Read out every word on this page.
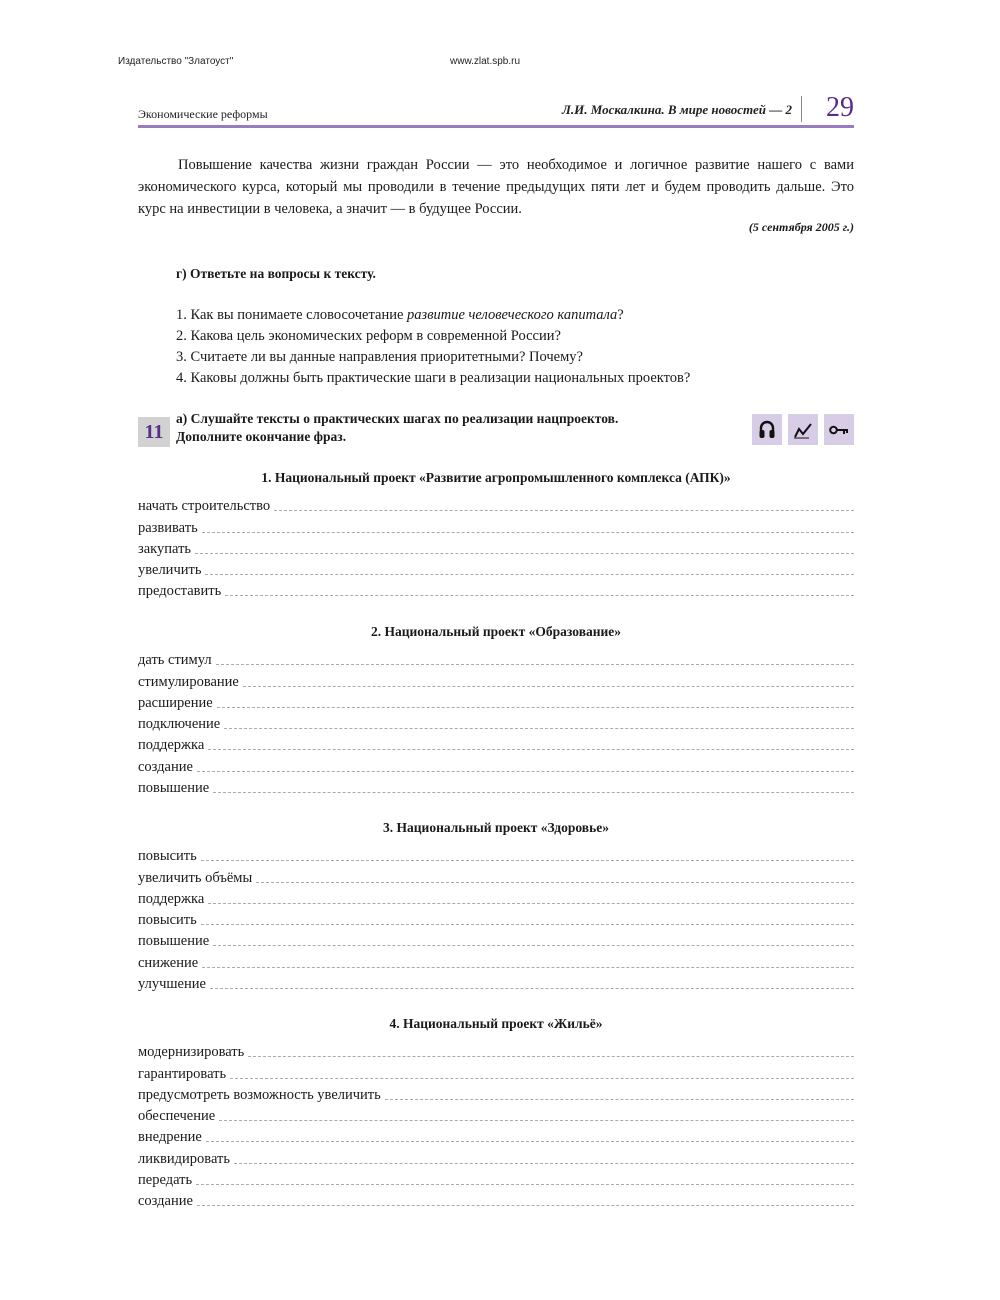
Издательство "Златоуст"	www.zlat.spb.ru
Экономические реформы	Л.И. Москалкина. В мире новостей — 2 29

Повышение качества жизни граждан России — это необходимое и логичное развитие нашего с вами экономического курса, который мы проводили в течение предыдущих пяти лет и будем проводить дальше. Это курс на инвестиции в человека, а значит — в будущее России.

(5 сентября 2005 г.)
г) Ответьте на вопросы к тексту.
1. Как вы понимаете словосочетание развитие человеческого капитала?
2. Какова цель экономических реформ в современной России?
3. Считаете ли вы данные направления приоритетными? Почему?
4. Каковы должны быть практические шаги в реализации национальных проектов?
11
а) Слушайте тексты о практических шагах по реализации нацпроектов.
Дополните окончание фраз.
1. Национальный проект «Развитие агропромышленного комплекса (АПК)»
начать строительство
развивать
закупать
увеличить
предоставить
2. Национальный проект «Образование»
дать стимул
стимулирование
расширение
подключение
поддержка
создание
повышение
3. Национальный проект «Здоровье»
повысить
увеличить объёмы
поддержка
повысить
повышение
снижение
улучшение
4. Национальный проект «Жильё»
модернизировать
гарантировать
предусмотреть возможность увеличить
обеспечение
внедрение
ликвидировать
передать
создание
